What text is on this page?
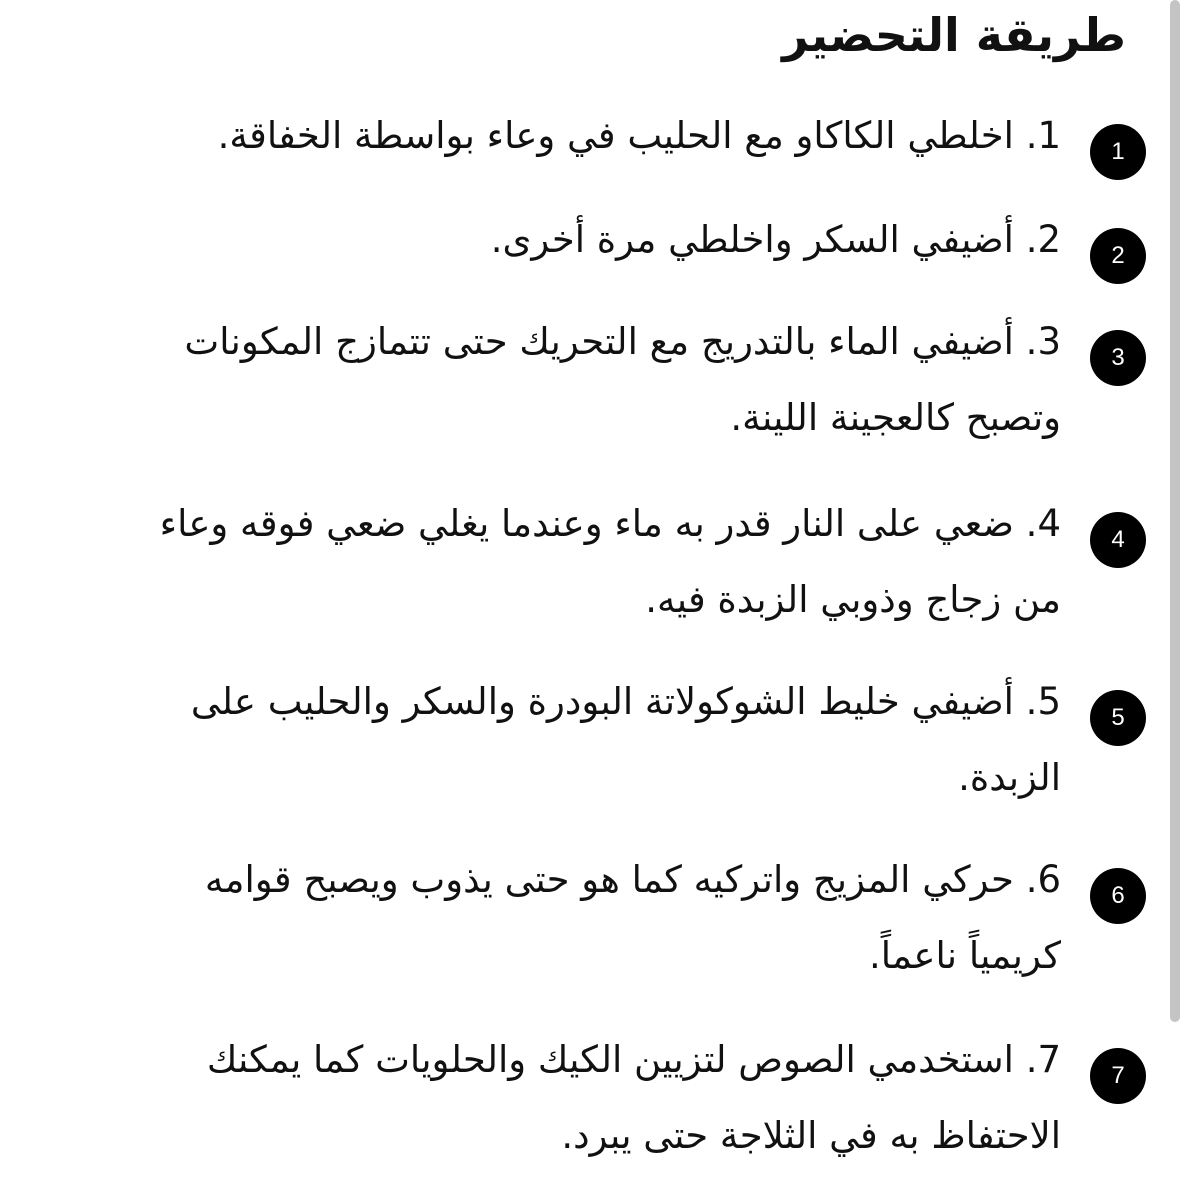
طريقة التحضير
1

1. اخلطي الكاكاو مع الحليب في وعاء بواسطة الخفاقة.

2

2. أضيفي السكر واخلطي مرة أخرى.

3

3. أضيفي الماء بالتدريج مع التحريك حتى تتمازج المكونات وتصبح كالعجينة اللينة.

4

4. ضعي على النار قدر به ماء وعندما يغلي ضعي فوقه وعاء من زجاج وذوبي الزبدة فيه.

5

5. أضيفي خليط الشوكولاتة البودرة والسكر والحليب على الزبدة.

6

6. حركي المزيج واتركيه كما هو حتى يذوب ويصبح قوامه كريمياً ناعماً.

7

7. استخدمي الصوص لتزيين الكيك والحلويات كما يمكنك الاحتفاظ به في الثلاجة حتى يبرد.
